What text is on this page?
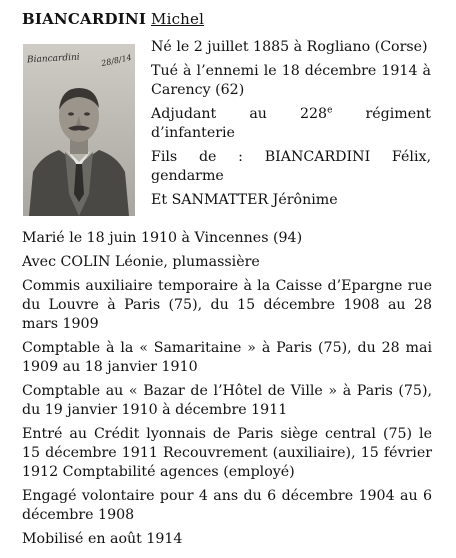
BIANCARDINI Michel
Biancardini	28/8/14

Né le 2 juillet 1885 à Rogliano (Corse)

Tué à l’ennemi le 18 décembre 1914 à Carency (62)

Adjudant au 228e régiment d’infanterie

Fils de : BIANCARDINI Félix, gendarme

Et SANMATTER Jérônime

Marié le 18 juin 1910 à Vincennes (94)

Avec COLIN Léonie, plumassière

Commis auxiliaire temporaire à la Caisse d’Epargne rue du Louvre à Paris (75), du 15 décembre 1908 au 28 mars 1909

Comptable à la « Samaritaine » à Paris (75), du 28 mai 1909 au 18 janvier 1910

Comptable au « Bazar de l’Hôtel de Ville » à Paris (75), du 19 janvier 1910 à décembre 1911

Entré au Crédit lyonnais de Paris siège central (75) le 15 décembre 1911 Recouvrement (auxiliaire), 15 février 1912 Comptabilité agences (employé)

Engagé volontaire pour 4 ans du 6 décembre 1904 au 6 décembre 1908

Mobilisé en août 1914
